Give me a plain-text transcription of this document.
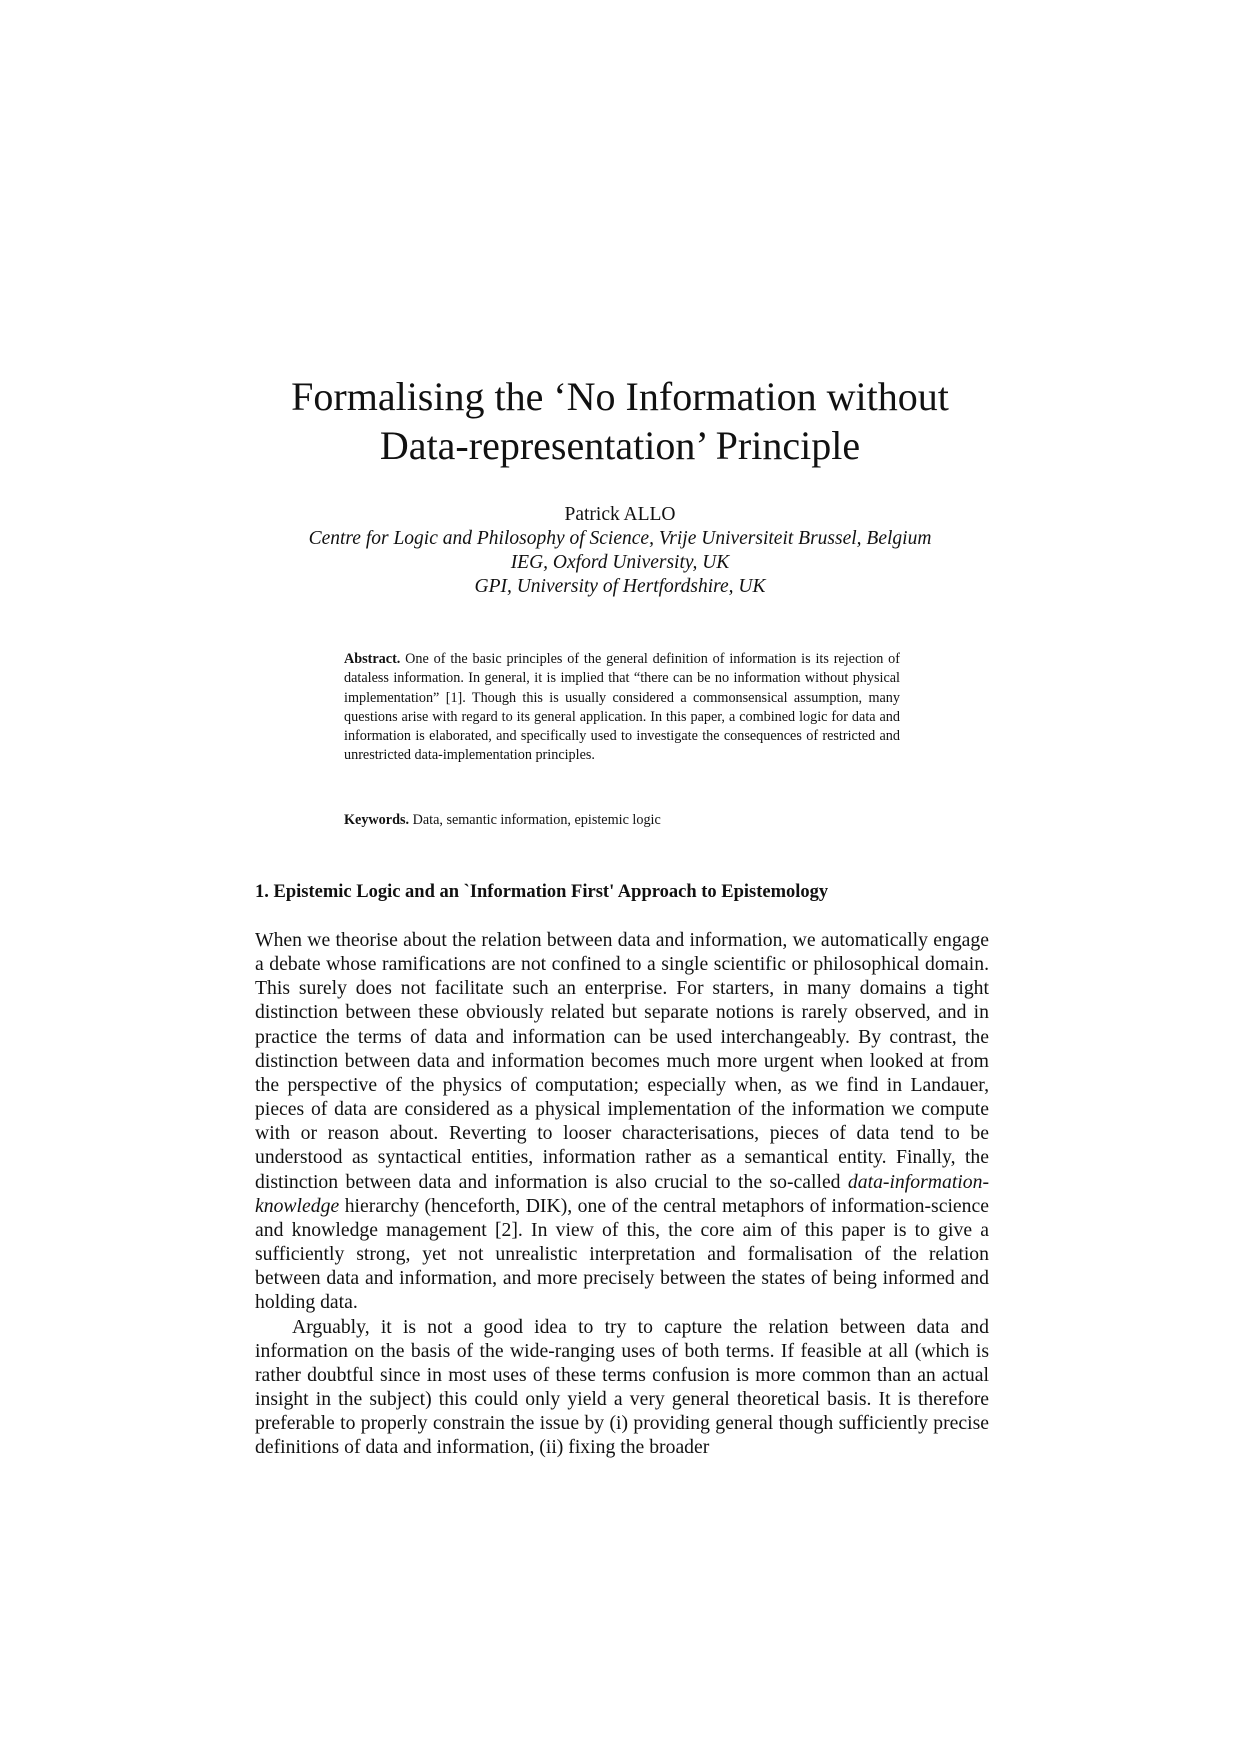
Formalising the ‘No Information without
Data-representation’ Principle
Patrick ALLO
Centre for Logic and Philosophy of Science, Vrije Universiteit Brussel, Belgium
IEG, Oxford University, UK
GPI, University of Hertfordshire, UK

Abstract. One of the basic principles of the general definition of information is its rejection of dataless information. In general, it is implied that “there can be no information without physical implementation” [1]. Though this is usually considered a commonsensical assumption, many questions arise with regard to its general application. In this paper, a combined logic for data and information is elaborated, and specifically used to investigate the consequences of restricted and unrestricted data-implementation principles.

Keywords. Data, semantic information, epistemic logic
1. Epistemic Logic and an `Information First' Approach to Epistemology

When we theorise about the relation between data and information, we automatically engage a debate whose ramifications are not confined to a single scientific or philosophical domain. This surely does not facilitate such an enterprise. For starters, in many domains a tight distinction between these obviously related but separate notions is rarely observed, and in practice the terms of data and information can be used interchangeably. By contrast, the distinction between data and information becomes much more urgent when looked at from the perspective of the physics of computation; especially when, as we find in Landauer, pieces of data are considered as a physical implementation of the information we compute with or reason about. Reverting to looser characterisations, pieces of data tend to be understood as syntactical entities, information rather as a semantical entity. Finally, the distinction between data and information is also crucial to the so-called data-information-knowledge hierarchy (henceforth, DIK), one of the central metaphors of information-science and knowledge management [2]. In view of this, the core aim of this paper is to give a sufficiently strong, yet not unrealistic interpretation and formalisation of the relation between data and information, and more precisely between the states of being informed and holding data.

Arguably, it is not a good idea to try to capture the relation between data and information on the basis of the wide-ranging uses of both terms. If feasible at all (which is rather doubtful since in most uses of these terms confusion is more common than an actual insight in the subject) this could only yield a very general theoretical basis. It is therefore preferable to properly constrain the issue by (i) providing general though sufficiently precise definitions of data and information, (ii) fixing the broader
